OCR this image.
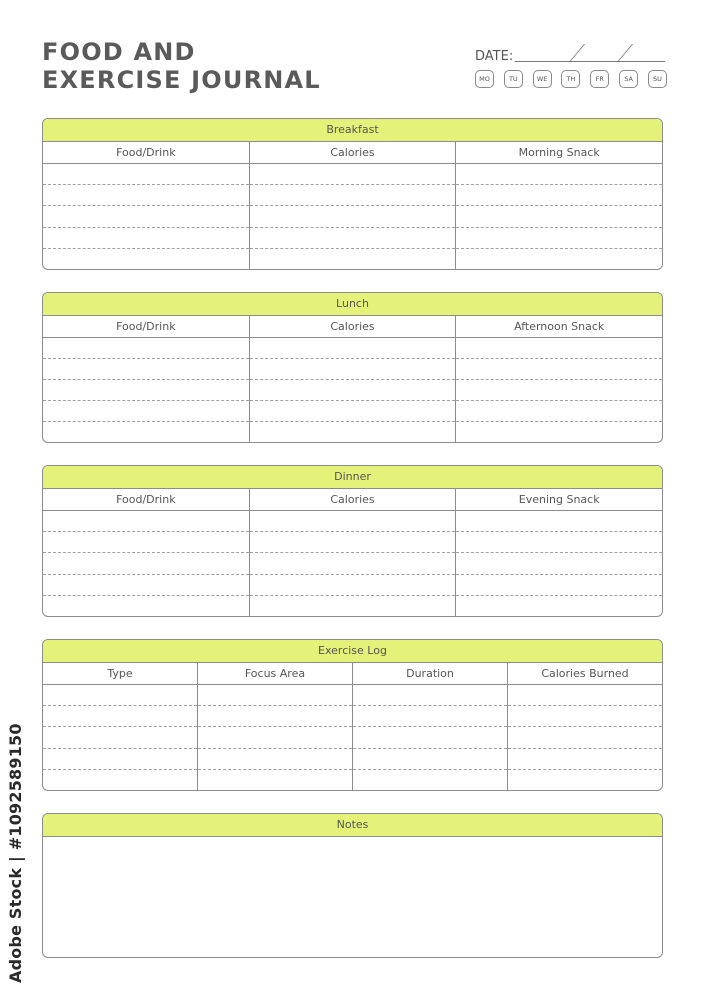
FOOD AND
EXERCISE JOURNAL
DATE:
MO	TU	WE	TH	FR	SA	SU
Breakfast
Food/Drink	Calories	Morning Snack
Lunch
Food/Drink	Calories	Afternoon Snack
Dinner
Food/Drink	Calories	Evening Snack
Exercise Log
Type	Focus Area	Duration	Calories Burned
Notes
Adobe Stock | #1092589150
